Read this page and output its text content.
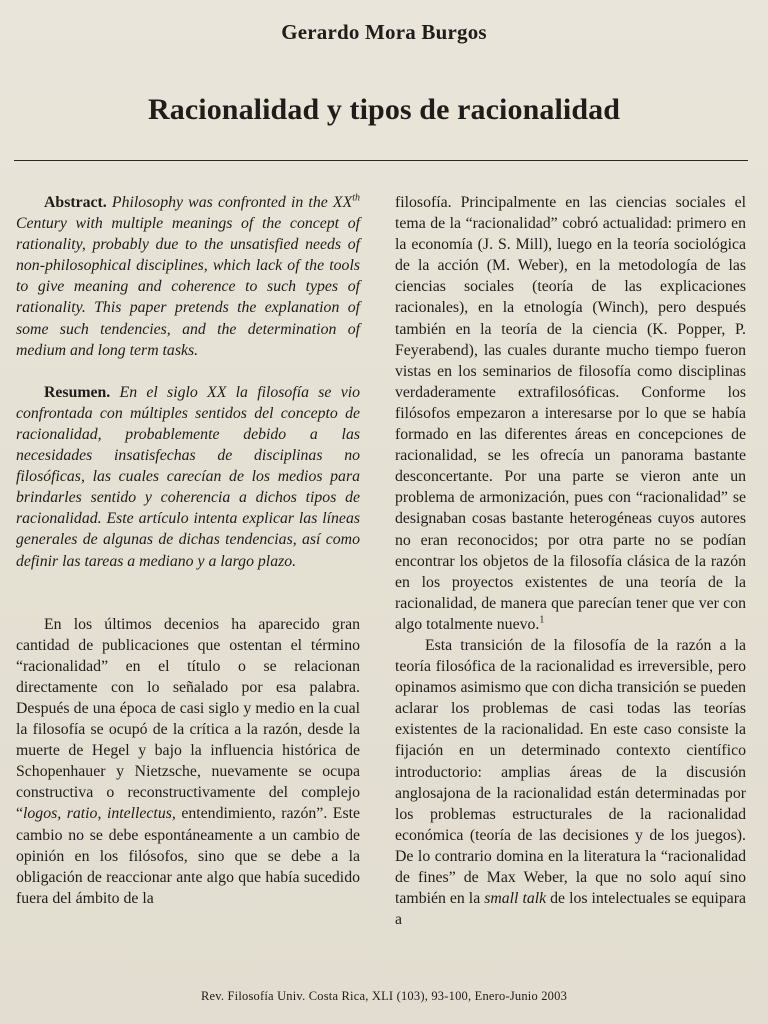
Gerardo Mora Burgos
Racionalidad y tipos de racionalidad

Abstract. Philosophy was confronted in the XXth Century with multiple meanings of the concept of rationality, probably due to the unsatisfied needs of non-philosophical disciplines, which lack of the tools to give meaning and coherence to such types of rationality. This paper pretends the explanation of some such tendencies, and the determination of medium and long term tasks.

Resumen. En el siglo XX la filosofía se vio confrontada con múltiples sentidos del concepto de racionalidad, probablemente debido a las necesidades insatisfechas de disciplinas no filosóficas, las cuales carecían de los medios para brindarles sentido y coherencia a dichos tipos de racionalidad. Este artículo intenta explicar las líneas generales de algunas de dichas tendencias, así como definir las tareas a mediano y a largo plazo.

En los últimos decenios ha aparecido gran cantidad de publicaciones que ostentan el término “racionalidad” en el título o se relacionan directamente con lo señalado por esa palabra. Después de una época de casi siglo y medio en la cual la filosofía se ocupó de la crítica a la razón, desde la muerte de Hegel y bajo la influencia histórica de Schopenhauer y Nietzsche, nuevamente se ocupa constructiva o reconstructivamente del complejo “logos, ratio, intellectus, entendimiento, razón”. Este cambio no se debe espontáneamente a un cambio de opinión en los filósofos, sino que se debe a la obligación de reaccionar ante algo que había sucedido fuera del ámbito de la

filosofía. Principalmente en las ciencias sociales el tema de la “racionalidad” cobró actualidad: primero en la economía (J. S. Mill), luego en la teoría sociológica de la acción (M. Weber), en la metodología de las ciencias sociales (teoría de las explicaciones racionales), en la etnología (Winch), pero después también en la teoría de la ciencia (K. Popper, P. Feyerabend), las cuales durante mucho tiempo fueron vistas en los seminarios de filosofía como disciplinas verdaderamente extrafilosóficas. Conforme los filósofos empezaron a interesarse por lo que se había formado en las diferentes áreas en concepciones de racionalidad, se les ofrecía un panorama bastante desconcertante. Por una parte se vieron ante un problema de armonización, pues con “racionalidad” se designaban cosas bastante heterogéneas cuyos autores no eran reconocidos; por otra parte no se podían encontrar los objetos de la filosofía clásica de la razón en los proyectos existentes de una teoría de la racionalidad, de manera que parecían tener que ver con algo totalmente nuevo.$^1$

Esta transición de la filosofía de la razón a la teoría filosófica de la racionalidad es irreversible, pero opinamos asimismo que con dicha transición se pueden aclarar los problemas de casi todas las teorías existentes de la racionalidad. En este caso consiste la fijación en un determinado contexto científico introductorio: amplias áreas de la discusión anglosajona de la racionalidad están determinadas por los problemas estructurales de la racionalidad económica (teoría de las decisiones y de los juegos). De lo contrario domina en la literatura la “racionalidad de fines” de Max Weber, la que no solo aquí sino también en la small talk de los intelectuales se equipara a

Rev. Filosofía Univ. Costa Rica, XLI (103), 93-100, Enero-Junio 2003
